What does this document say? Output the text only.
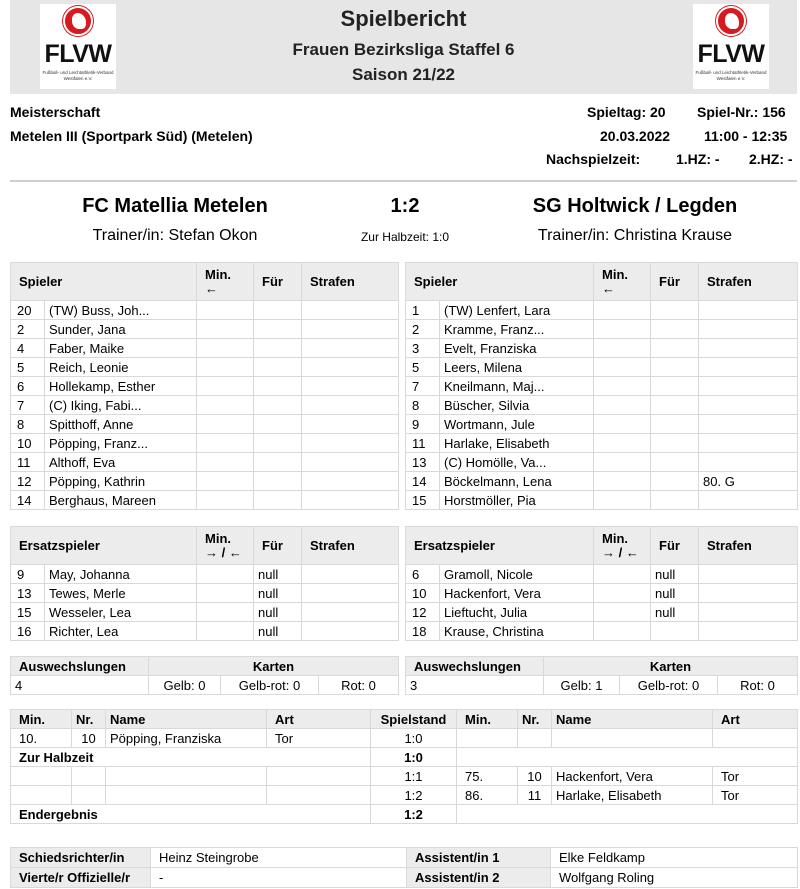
FLVW
Fußball- und Leichtathletik-Verband Westfalen e.V.
Spielbericht
Frauen Bezirksliga Staffel 6
Saison 21/22
FLVW
Fußball- und Leichtathletik-Verband Westfalen e.V.
Meisterschaft
Metelen III (Sportpark Süd) (Metelen)
Spieltag: 20 Spiel-Nr.: 156
20.03.2022 11:00 - 12:35
Nachspielzeit:	1.HZ: - 2.HZ: -
FC Matellia Metelen	1:2	SG Holtwick / Legden
Trainer/in: Stefan Okon	Zur Halbzeit: 1:0	Trainer/in: Christina Krause
Spieler		Min.
←	Für	Strafen
20	(TW) Buss, Joh...			
2	Sunder, Jana			
4	Faber, Maike			
5	Reich, Leonie			
6	Hollekamp, Esther			
7	(C) Iking, Fabi...			
8	Spitthoff, Anne			
10	Pöpping, Franz...			
11	Althoff, Eva			
12	Pöpping, Kathrin			
14	Berghaus, Mareen			
Spieler		Min.
←	Für	Strafen
1	(TW) Lenfert, Lara			
2	Kramme, Franz...			
3	Evelt, Franziska			
5	Leers, Milena			
7	Kneilmann, Maj...			
8	Büscher, Silvia			
9	Wortmann, Jule			
11	Harlake, Elisabeth			
13	(C) Homölle, Va...			
14	Böckelmann, Lena			80. G
15	Horstmöller, Pia			
Ersatzspieler		Min.
→ / ←	Für	Strafen
9	May, Johanna		null	
13	Tewes, Merle		null	
15	Wesseler, Lea		null	
16	Richter, Lea		null	
Ersatzspieler		Min.
→ / ←	Für	Strafen
6	Gramoll, Nicole		null	
10	Hackenfort, Vera		null	
12	Lieftucht, Julia		null	
18	Krause, Christina			
Auswechslungen	Karten		
4	Gelb: 0	Gelb-rot: 0	Rot: 0
Auswechslungen	Karten		
3	Gelb: 1	Gelb-rot: 0	Rot: 0
Min.	Nr.	Name	Art	Spielstand	Min.	Nr.	Name	Art
10.	10	Pöpping, Franziska	Tor	1:0				
Zur Halbzeit				1:0				
				1:1	75.	10	Hackenfort, Vera	Tor
				1:2	86.	11	Harlake, Elisabeth	Tor
Endergebnis				1:2				
Schiedsrichter/in	Heinz Steingrobe	Assistent/in 1	Elke Feldkamp
Vierte/r Offizielle/r	-	Assistent/in 2	Wolfgang Roling
